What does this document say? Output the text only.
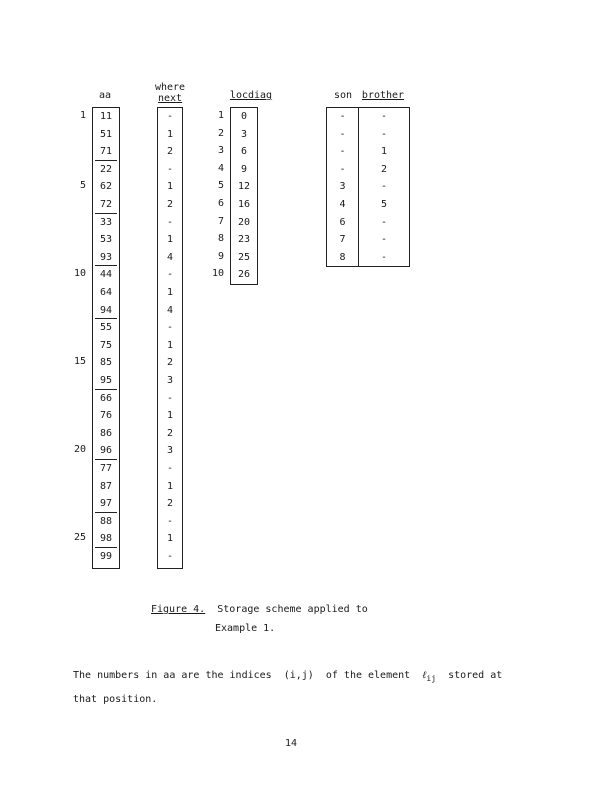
aa
where
next	locdiag	son brother
1
5
10
15
20
25
11
51
71
22
62
72
33
53
93
44
64
94
55
75
85
95
66
76
86
96
77
87
97
88
98
99
-
1
2
-
1
2
-
1
4
-
1
4
-
1
2
3
-
1
2
3
-
1
2
-
1
-
1
2
3
4
5
6
7
8
9
10
0
3
6
9
12
16
20
23
25
26
-
-
-
-
3
4
6
7
8
-
-
1
2
-
5
-
-
-
Figure 4. Storage scheme applied to
Example 1.
The numbers in aa are the indices  (i,j)  of the element ℓ$_{ij}$ stored at
that position.
14
